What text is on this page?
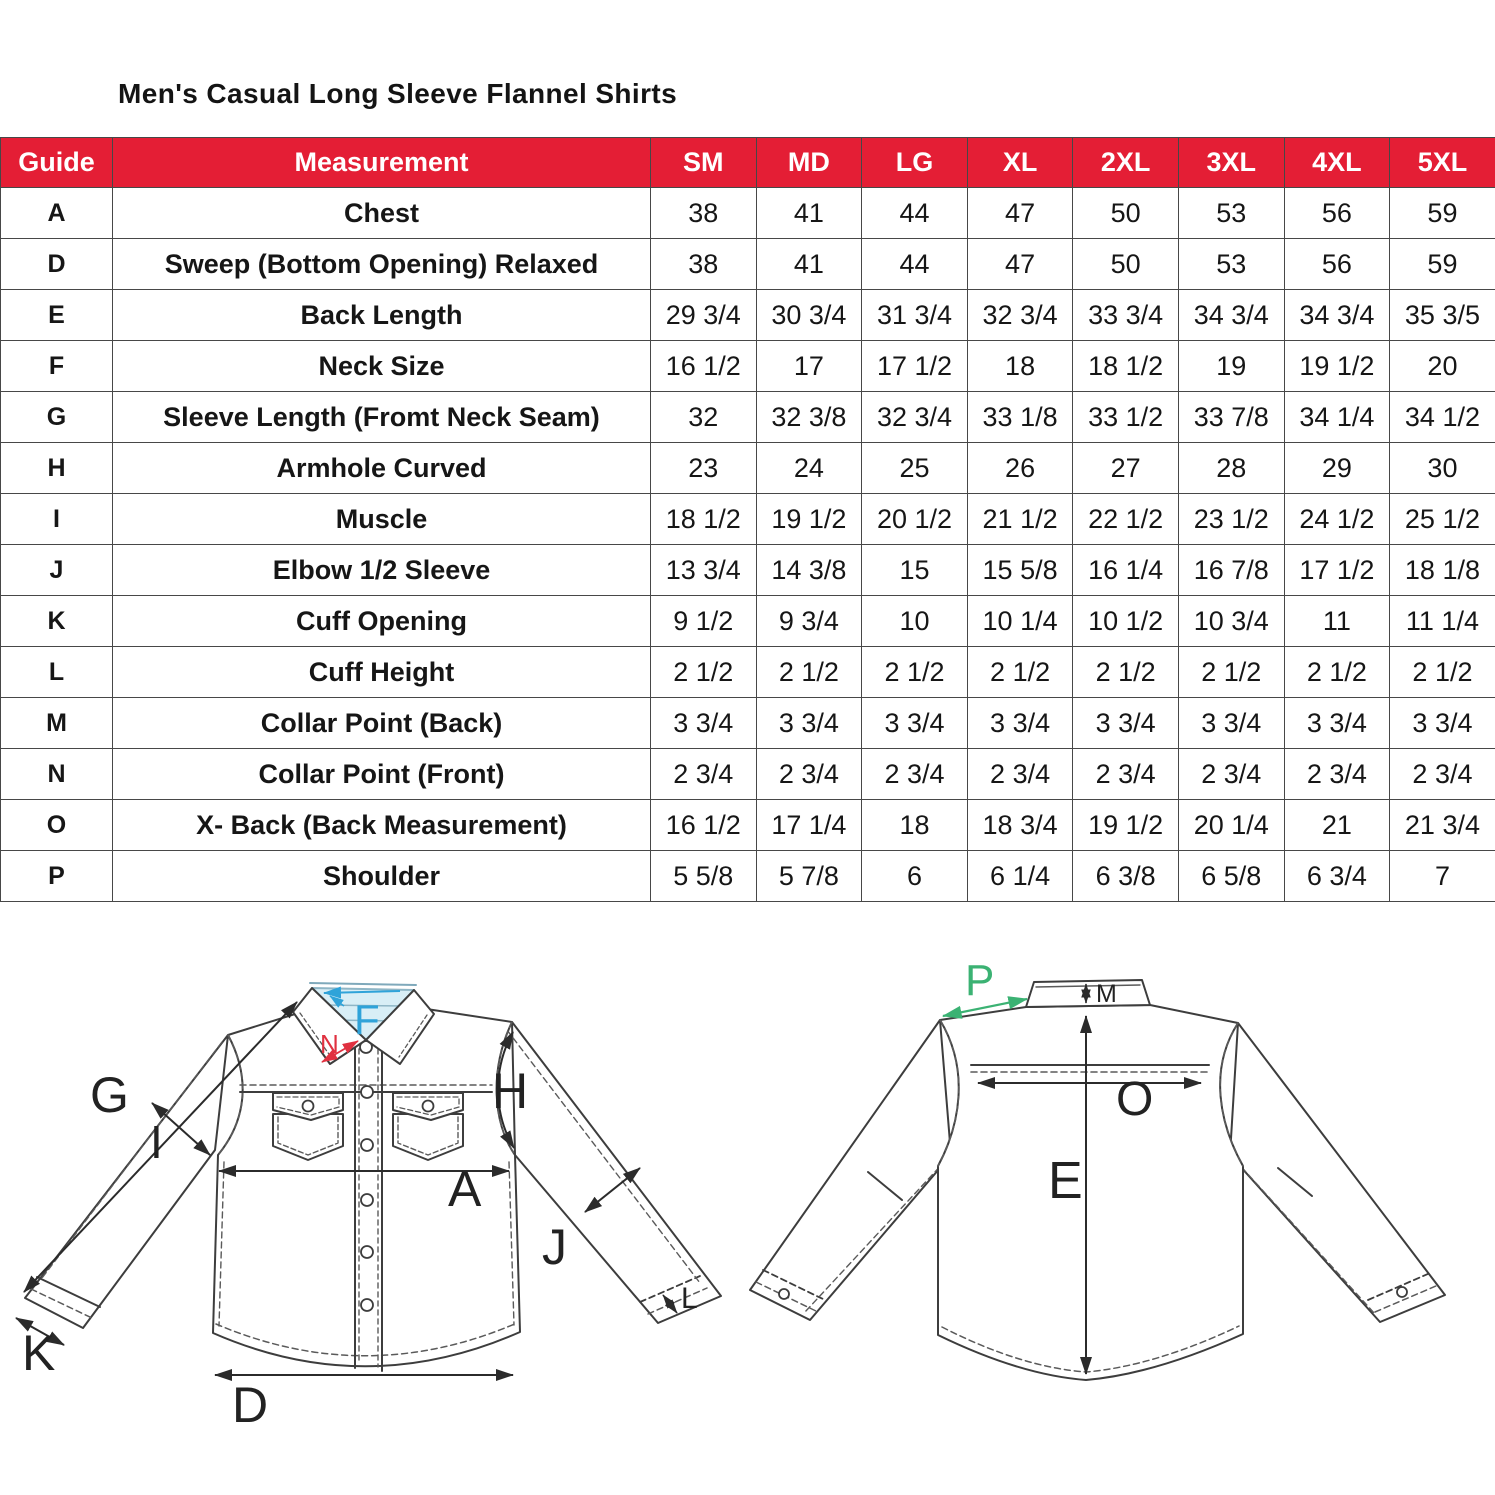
Men's Casual Long Sleeve Flannel Shirts
Guide	Measurement	SM	MD	LG	XL	2XL	3XL	4XL	5XL
A	Chest	38	41	44	47	50	53	56	59
D	Sweep (Bottom Opening) Relaxed	38	41	44	47	50	53	56	59
E	Back Length	29 3/4	30 3/4	31 3/4	32 3/4	33 3/4	34 3/4	34 3/4	35 3/5
F	Neck Size	16 1/2	17	17 1/2	18	18 1/2	19	19 1/2	20
G	Sleeve Length (Fromt Neck Seam)	32	32 3/8	32 3/4	33 1/8	33 1/2	33 7/8	34 1/4	34 1/2
H	Armhole Curved	23	24	25	26	27	28	29	30
I	Muscle	18 1/2	19 1/2	20 1/2	21 1/2	22 1/2	23 1/2	24 1/2	25 1/2
J	Elbow 1/2 Sleeve	13 3/4	14 3/8	15	15 5/8	16 1/4	16 7/8	17 1/2	18 1/8
K	Cuff Opening	9 1/2	9 3/4	10	10 1/4	10 1/2	10 3/4	11	11 1/4
L	Cuff Height	2 1/2	2 1/2	2 1/2	2 1/2	2 1/2	2 1/2	2 1/2	2 1/2
M	Collar Point (Back)	3 3/4	3 3/4	3 3/4	3 3/4	3 3/4	3 3/4	3 3/4	3 3/4
N	Collar Point (Front)	2 3/4	2 3/4	2 3/4	2 3/4	2 3/4	2 3/4	2 3/4	2 3/4
O	X- Back (Back Measurement)	16 1/2	17 1/4	18	18 3/4	19 1/2	20 1/4	21	21 3/4
P	Shoulder	5 5/8	5 7/8	6	6 1/4	6 3/8	6 5/8	6 3/4	7
G
I
F
N
H
A
J
K
L
D
P	M
O
E
